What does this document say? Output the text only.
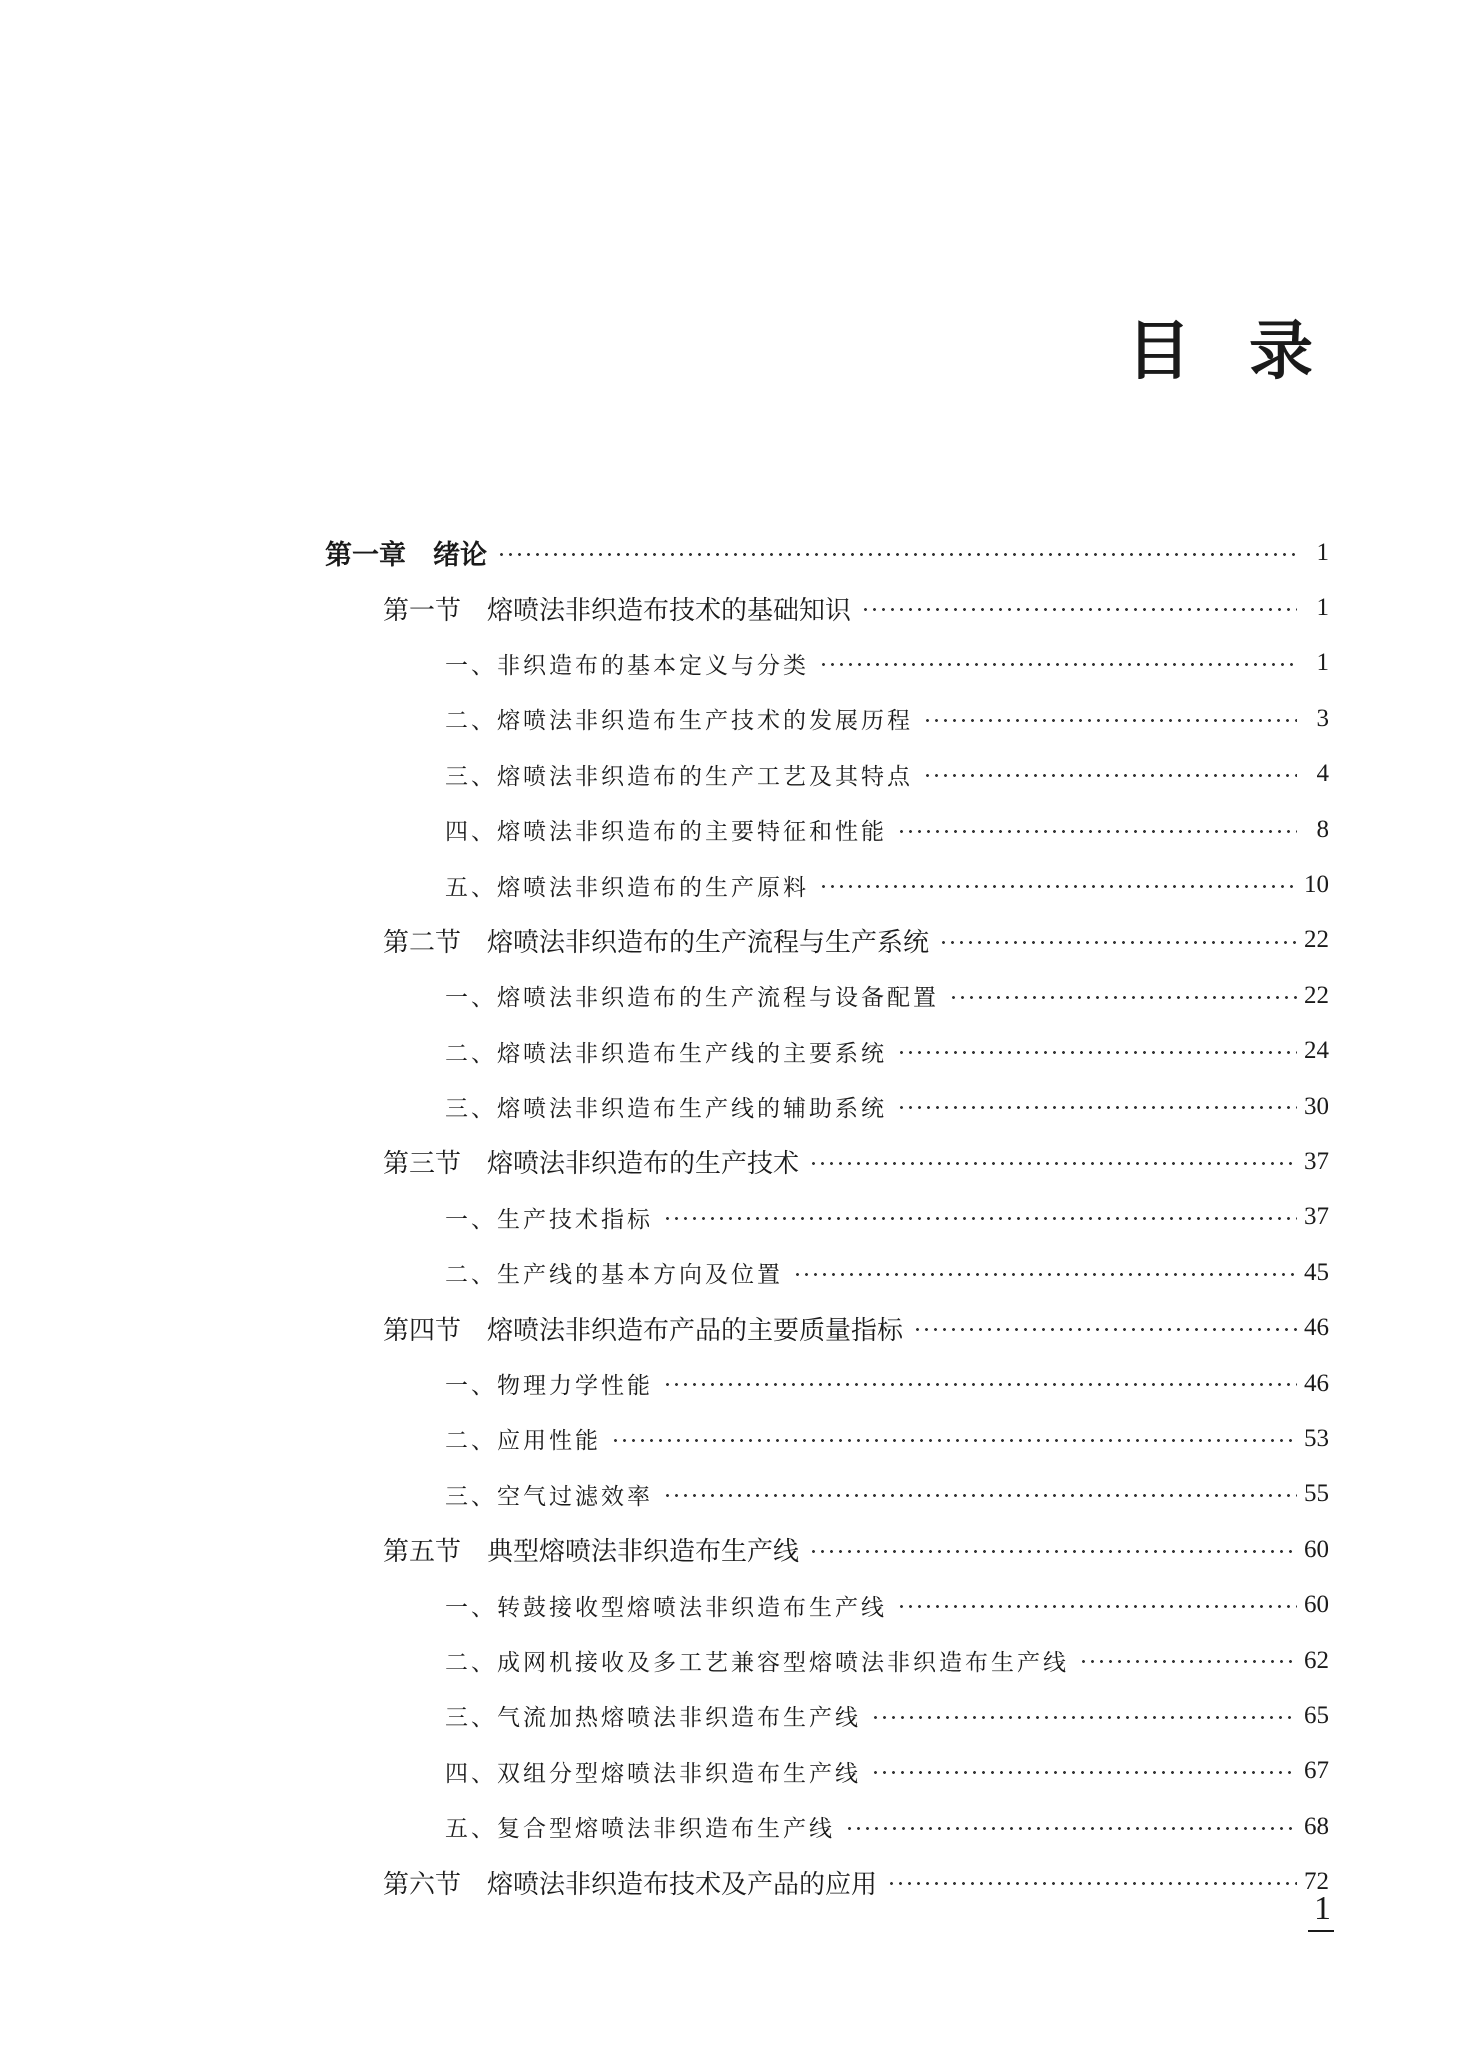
目 录
第一章　绪论	1
第一节　熔喷法非织造布技术的基础知识	1
一、非织造布的基本定义与分类	1
二、熔喷法非织造布生产技术的发展历程	3
三、熔喷法非织造布的生产工艺及其特点	4
四、熔喷法非织造布的主要特征和性能	8
五、熔喷法非织造布的生产原料	10
第二节　熔喷法非织造布的生产流程与生产系统	22
一、熔喷法非织造布的生产流程与设备配置	22
二、熔喷法非织造布生产线的主要系统	24
三、熔喷法非织造布生产线的辅助系统	30
第三节　熔喷法非织造布的生产技术	37
一、生产技术指标	37
二、生产线的基本方向及位置	45
第四节　熔喷法非织造布产品的主要质量指标	46
一、物理力学性能	46
二、应用性能	53
三、空气过滤效率	55
第五节　典型熔喷法非织造布生产线	60
一、转鼓接收型熔喷法非织造布生产线	60
二、成网机接收及多工艺兼容型熔喷法非织造布生产线	62
三、气流加热熔喷法非织造布生产线	65
四、双组分型熔喷法非织造布生产线	67
五、复合型熔喷法非织造布生产线	68
第六节　熔喷法非织造布技术及产品的应用	72
1
